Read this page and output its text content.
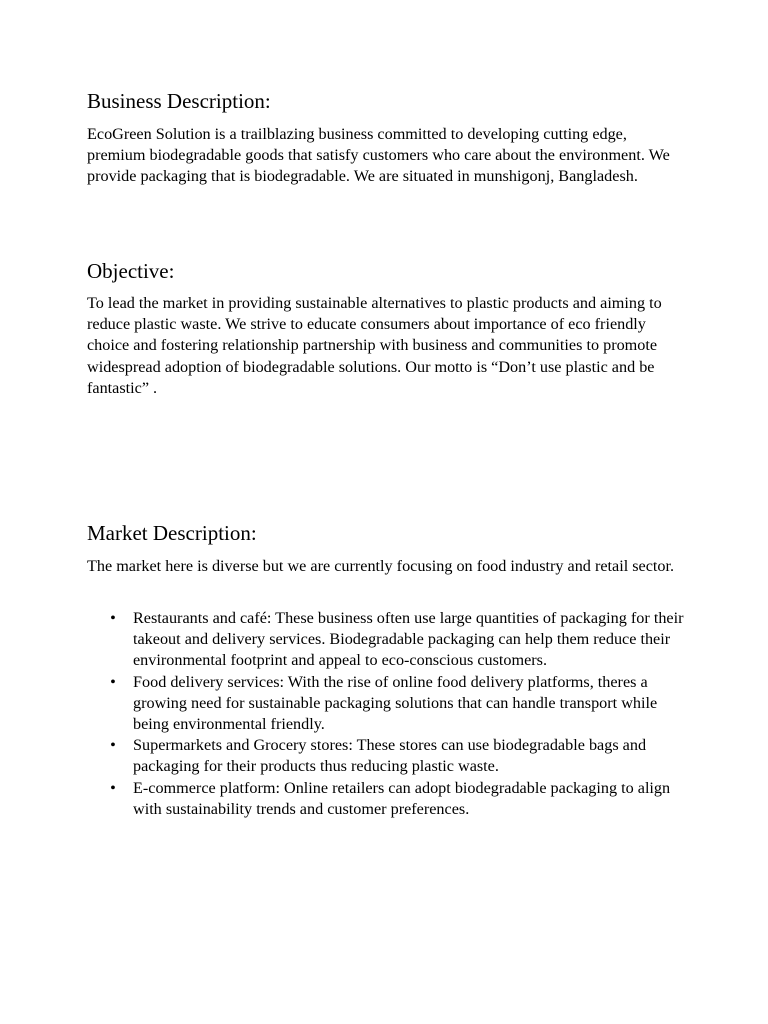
Business Description:

EcoGreen Solution is a trailblazing business committed to developing cutting edge, premium biodegradable goods that satisfy customers who care about the environment. We provide packaging that is biodegradable. We are situated in munshigonj, Bangladesh.

Objective:

To lead the market in providing sustainable alternatives to plastic products and aiming to reduce plastic waste. We strive to educate consumers about importance of eco friendly choice and fostering relationship partnership with business and communities to promote widespread adoption of biodegradable solutions. Our motto is “Don’t use plastic and be fantastic” .

Market Description:

The market here is diverse but we are currently focusing on food industry and retail sector.

• Restaurants and café: These business often use large quantities of packaging for their takeout and delivery services. Biodegradable packaging can help them reduce their environmental footprint and appeal to eco-conscious customers.
• Food delivery services: With the rise of online food delivery platforms, theres a growing need for sustainable packaging solutions that can handle transport while being environmental friendly.
• Supermarkets and Grocery stores: These stores can use biodegradable bags and packaging for their products thus reducing plastic waste.
• E-commerce platform: Online retailers can adopt biodegradable packaging to align with sustainability trends and customer preferences.
